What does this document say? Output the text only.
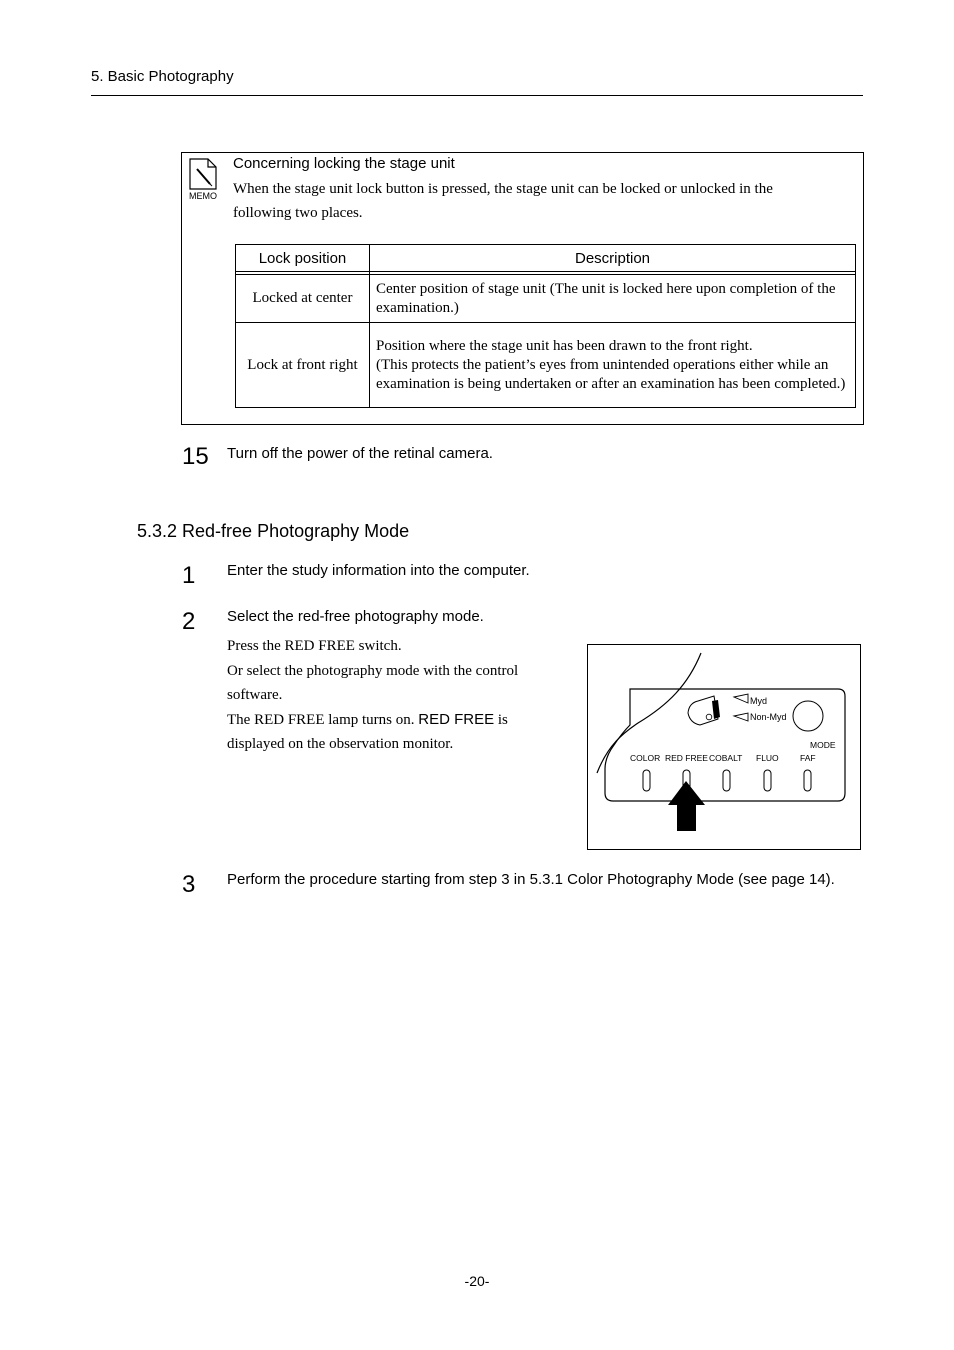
5. Basic Photography
MEMO
Concerning locking the stage unit
When the stage unit lock button is pressed, the stage unit can be locked or unlocked in the following two places.
Lock position	Description

Locked at center	Center position of stage unit (The unit is locked here upon completion of the examination.)
Lock at front right	Position where the stage unit has been drawn to the front right.
(This protects the patient’s eyes from unintended operations either while an examination is being undertaken or after an examination has been completed.)
15 Turn off the power of the retinal camera.
5.3.2 Red-free Photography Mode
1 Enter the study information into the computer.
2 Select the red-free photography mode.
Press the RED FREE switch.
Or select the photography mode with the control software.
The RED FREE lamp turns on. RED FREE is displayed on the observation monitor.
Myd
Non-Myd
MODE
COLOR RED FREE COBALT FLUO	FAF
3 Perform the procedure starting from step 3 in 5.3.1 Color Photography Mode (see page 14).
-20-
